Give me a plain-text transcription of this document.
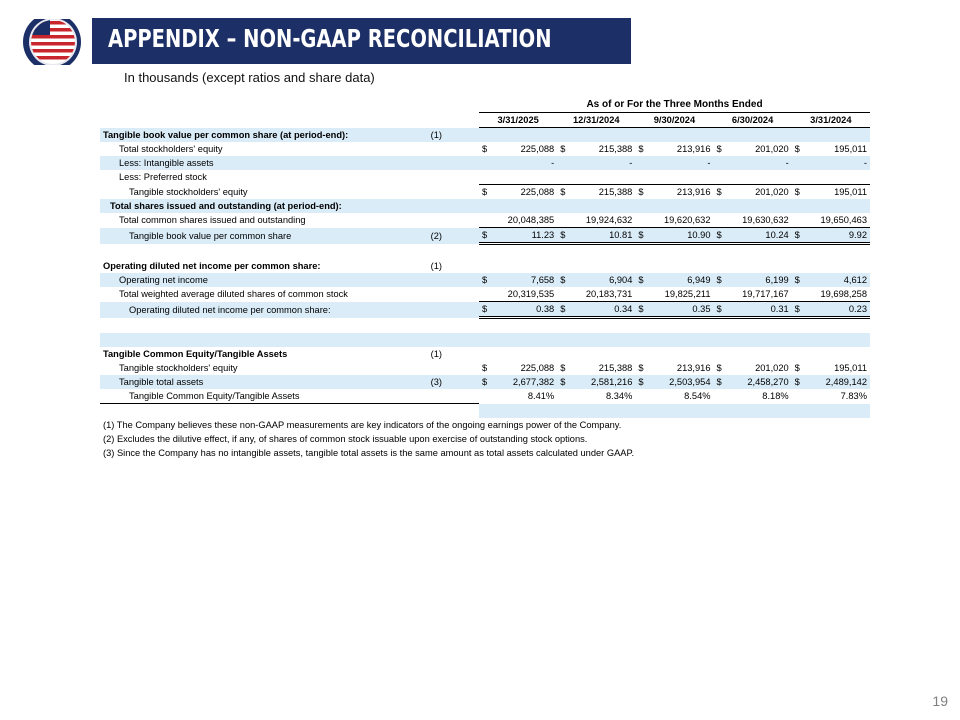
APPENDIX – NON-GAAP RECONCILIATION
In thousands (except ratios and share data)
		As of or For the Three Months Ended									
		3/31/2025		12/31/2024		9/30/2024		6/30/2024		3/31/2024	
Tangible book value per common share (at period-end):	(1)										
Total stockholders' equity		$	225,088	$	215,388	$	213,916	$	201,020	$	195,011
Less: Intangible assets			-		-		-		-		-
Less: Preferred stock											
Tangible stockholders' equity		$	225,088	$	215,388	$	213,916	$	201,020	$	195,011
Total shares issued and outstanding (at period-end):											
Total common shares issued and outstanding		20,048,385		19,924,632		19,620,632		19,630,632		19,650,463	
Tangible book value per common share	(2)	$	11.23	$	10.81	$	10.90	$	10.24	$	9.92

Operating diluted net income per common share:	(1)										
Operating net income		$	7,658	$	6,904	$	6,949	$	6,199	$	4,612
Total weighted average diluted shares of common stock		20,319,535		20,183,731		19,825,211		19,717,167		19,698,258	
Operating diluted net income per common share:		$	0.38	$	0.34	$	0.35	$	0.31	$	0.23

Tangible Common Equity/Tangible Assets	(1)										
Tangible stockholders' equity		$	225,088	$	215,388	$	213,916	$	201,020	$	195,011
Tangible total assets	(3)	$	2,677,382	$	2,581,216	$	2,503,954	$	2,458,270	$	2,489,142
Tangible Common Equity/Tangible Assets		8.41%		8.34%		8.54%		8.18%		7.83%	

(1) The Company believes these non-GAAP measurements are key indicators of the ongoing earnings power of the Company.											
(2) Excludes the dilutive effect, if any, of shares of common stock issuable upon exercise of outstanding stock options.											
(3) Since the Company has no intangible assets, tangible total assets is the same amount as total assets calculated under GAAP.											
19
